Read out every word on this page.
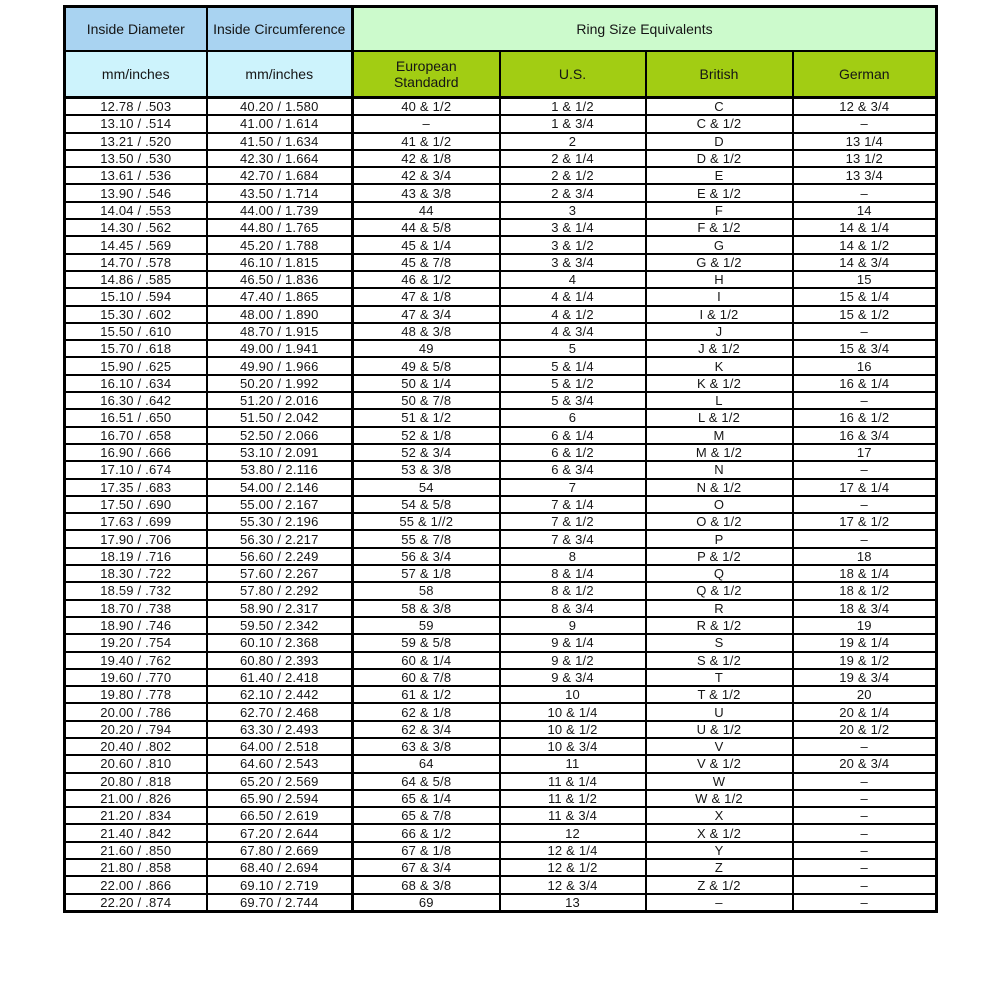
Inside Diameter	Inside Circumference	Ring Size Equivalents			
mm/inches	mm/inches	European Standadrd	U.S.	British	German
12.78 / .503	40.20 / 1.580	40 & 1/2	1 & 1/2	C	12 & 3/4
13.10 / .514	41.00 / 1.614	–	1 & 3/4	C & 1/2	–
13.21 / .520	41.50 / 1.634	41 & 1/2	2	D	13 1/4
13.50 / .530	42.30 / 1.664	42 & 1/8	2 & 1/4	D & 1/2	13 1/2
13.61 / .536	42.70 / 1.684	42 & 3/4	2 & 1/2	E	13 3/4
13.90 / .546	43.50 / 1.714	43 & 3/8	2 & 3/4	E & 1/2	–
14.04 / .553	44.00 / 1.739	44	3	F	14
14.30 / .562	44.80 / 1.765	44 & 5/8	3 & 1/4	F & 1/2	14 & 1/4
14.45 / .569	45.20 / 1.788	45 & 1/4	3 & 1/2	G	14 & 1/2
14.70 / .578	46.10 / 1.815	45 & 7/8	3 & 3/4	G & 1/2	14 & 3/4
14.86 / .585	46.50 / 1.836	46 & 1/2	4	H	15
15.10 / .594	47.40 / 1.865	47 & 1/8	4 & 1/4	I	15 & 1/4
15.30 / .602	48.00 / 1.890	47 & 3/4	4 & 1/2	I & 1/2	15 & 1/2
15.50 / .610	48.70 / 1.915	48 & 3/8	4 & 3/4	J	–
15.70 / .618	49.00 / 1.941	49	5	J & 1/2	15 & 3/4
15.90 / .625	49.90 / 1.966	49 & 5/8	5 & 1/4	K	16
16.10 / .634	50.20 / 1.992	50 & 1/4	5 & 1/2	K & 1/2	16 & 1/4
16.30 / .642	51.20 / 2.016	50 & 7/8	5 & 3/4	L	–
16.51 / .650	51.50 / 2.042	51 & 1/2	6	L & 1/2	16 & 1/2
16.70 / .658	52.50 / 2.066	52 & 1/8	6 & 1/4	M	16 & 3/4
16.90 / .666	53.10 / 2.091	52 & 3/4	6 & 1/2	M & 1/2	17
17.10 / .674	53.80 / 2.116	53 & 3/8	6 & 3/4	N	–
17.35 / .683	54.00 / 2.146	54	7	N & 1/2	17 & 1/4
17.50 / .690	55.00 / 2.167	54 & 5/8	7 & 1/4	O	–
17.63 / .699	55.30 / 2.196	55 & 1//2	7 & 1/2	O & 1/2	17 & 1/2
17.90 / .706	56.30 / 2.217	55 & 7/8	7 & 3/4	P	–
18.19 / .716	56.60 / 2.249	56 & 3/4	8	P & 1/2	18
18.30 / .722	57.60 / 2.267	57 & 1/8	8 & 1/4	Q	18 & 1/4
18.59 / .732	57.80 / 2.292	58	8 & 1/2	Q & 1/2	18 & 1/2
18.70 / .738	58.90 / 2.317	58 & 3/8	8 & 3/4	R	18 & 3/4
18.90 / .746	59.50 / 2.342	59	9	R & 1/2	19
19.20 / .754	60.10 / 2.368	59 & 5/8	9 & 1/4	S	19 & 1/4
19.40 / .762	60.80 / 2.393	60 & 1/4	9 & 1/2	S & 1/2	19 & 1/2
19.60 / .770	61.40 / 2.418	60 & 7/8	9 & 3/4	T	19 & 3/4
19.80 / .778	62.10 / 2.442	61 & 1/2	10	T & 1/2	20
20.00 / .786	62.70 / 2.468	62 & 1/8	10 & 1/4	U	20 & 1/4
20.20 / .794	63.30 / 2.493	62 & 3/4	10 & 1/2	U & 1/2	20 & 1/2
20.40 / .802	64.00 / 2.518	63 & 3/8	10 & 3/4	V	–
20.60 / .810	64.60 / 2.543	64	11	V & 1/2	20 & 3/4
20.80 / .818	65.20 / 2.569	64 & 5/8	11 & 1/4	W	–
21.00 / .826	65.90 / 2.594	65 & 1/4	11 & 1/2	W & 1/2	–
21.20 / .834	66.50 / 2.619	65 & 7/8	11 & 3/4	X	–
21.40 / .842	67.20 / 2.644	66 & 1/2	12	X & 1/2	–
21.60 / .850	67.80 / 2.669	67 & 1/8	12 & 1/4	Y	–
21.80 / .858	68.40 / 2.694	67 & 3/4	12 & 1/2	Z	–
22.00 / .866	69.10 / 2.719	68 & 3/8	12 & 3/4	Z & 1/2	–
22.20 / .874	69.70 / 2.744	69	13	–	–
